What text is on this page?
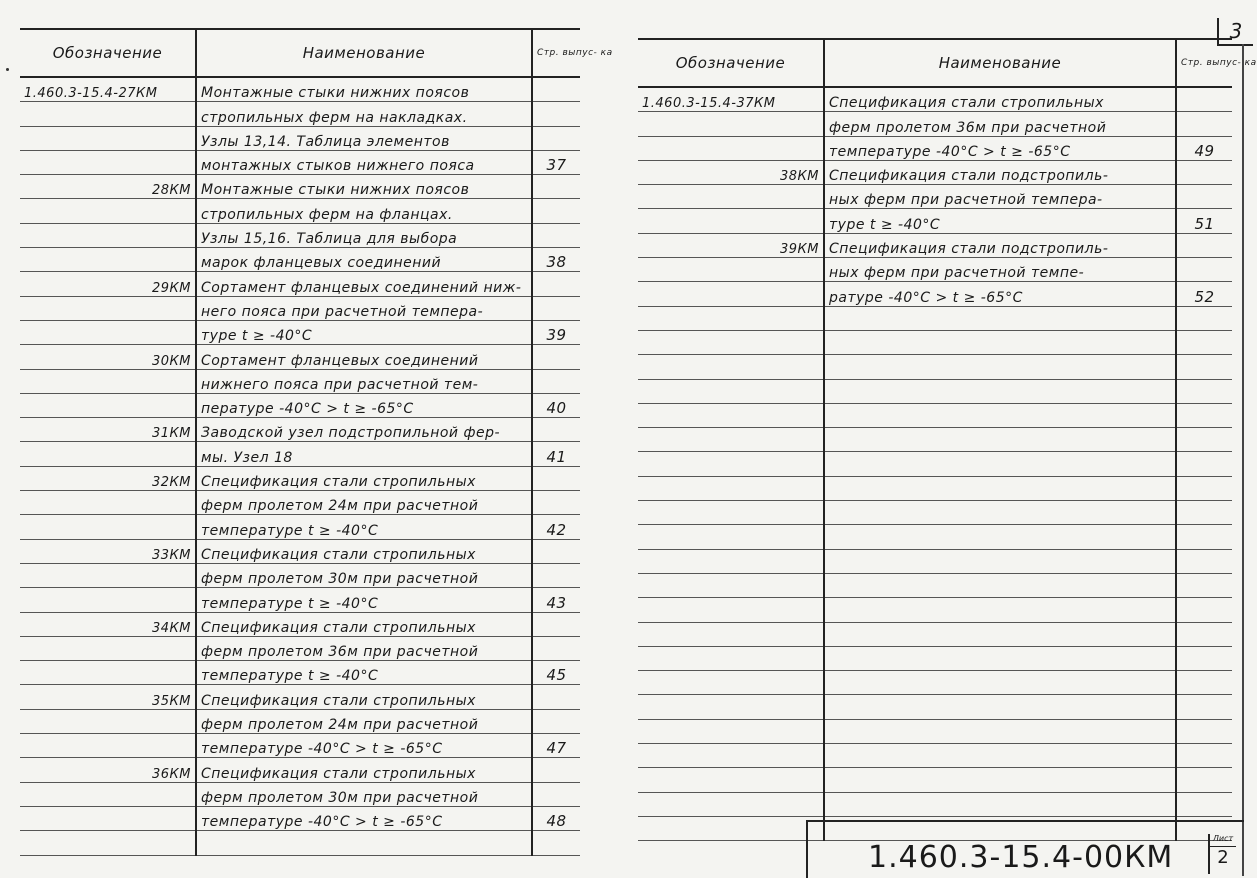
3
Обозначение	Наименование	Стр. выпус- ка
1.460.3-15.4-27КМ	Монтажные стыки нижних поясов	
	стропильных ферм на накладках.	
	Узлы 13,14. Таблица элементов	
	монтажных стыков нижнего пояса	37
28КМ	Монтажные стыки нижних поясов	
	стропильных ферм на фланцах.	
	Узлы 15,16. Таблица для выбора	
	марок фланцевых соединений	38
29КМ	Сортамент фланцевых соединений ниж-	
	него пояса при расчетной темпера-	
	туре t ≥ -40°C	39
30КМ	Сортамент фланцевых соединений	
	нижнего пояса при расчетной тем-	
	пературе -40°C > t ≥ -65°C	40
31КМ	Заводской узел подстропильной фер-	
	мы. Узел 18	41
32КМ	Спецификация стали стропильных	
	ферм пролетом 24м при расчетной	
	температуре t ≥ -40°C	42
33КМ	Спецификация стали стропильных	
	ферм пролетом 30м при расчетной	
	температуре t ≥ -40°C	43
34КМ	Спецификация стали стропильных	
	ферм пролетом 36м при расчетной	
	температуре t ≥ -40°C	45
35КМ	Спецификация стали стропильных	
	ферм пролетом 24м при расчетной	
	температуре -40°C > t ≥ -65°C	47
36КМ	Спецификация стали стропильных	
	ферм пролетом 30м при расчетной	
	температуре -40°C > t ≥ -65°C	48

Обозначение	Наименование	Стр. выпус- ка
1.460.3-15.4-37КМ	Спецификация стали стропильных	
	ферм пролетом 36м при расчетной	
	температуре -40°C > t ≥ -65°C	49
38КМ	Спецификация стали подстропиль-	
	ных ферм при расчетной темпера-	
	туре t ≥ -40°C	51
39КМ	Спецификация стали подстропиль-	
	ных ферм при расчетной темпе-	
	ратуре -40°C > t ≥ -65°C	52

1.460.3-15.4-00КМ
Лист
2
